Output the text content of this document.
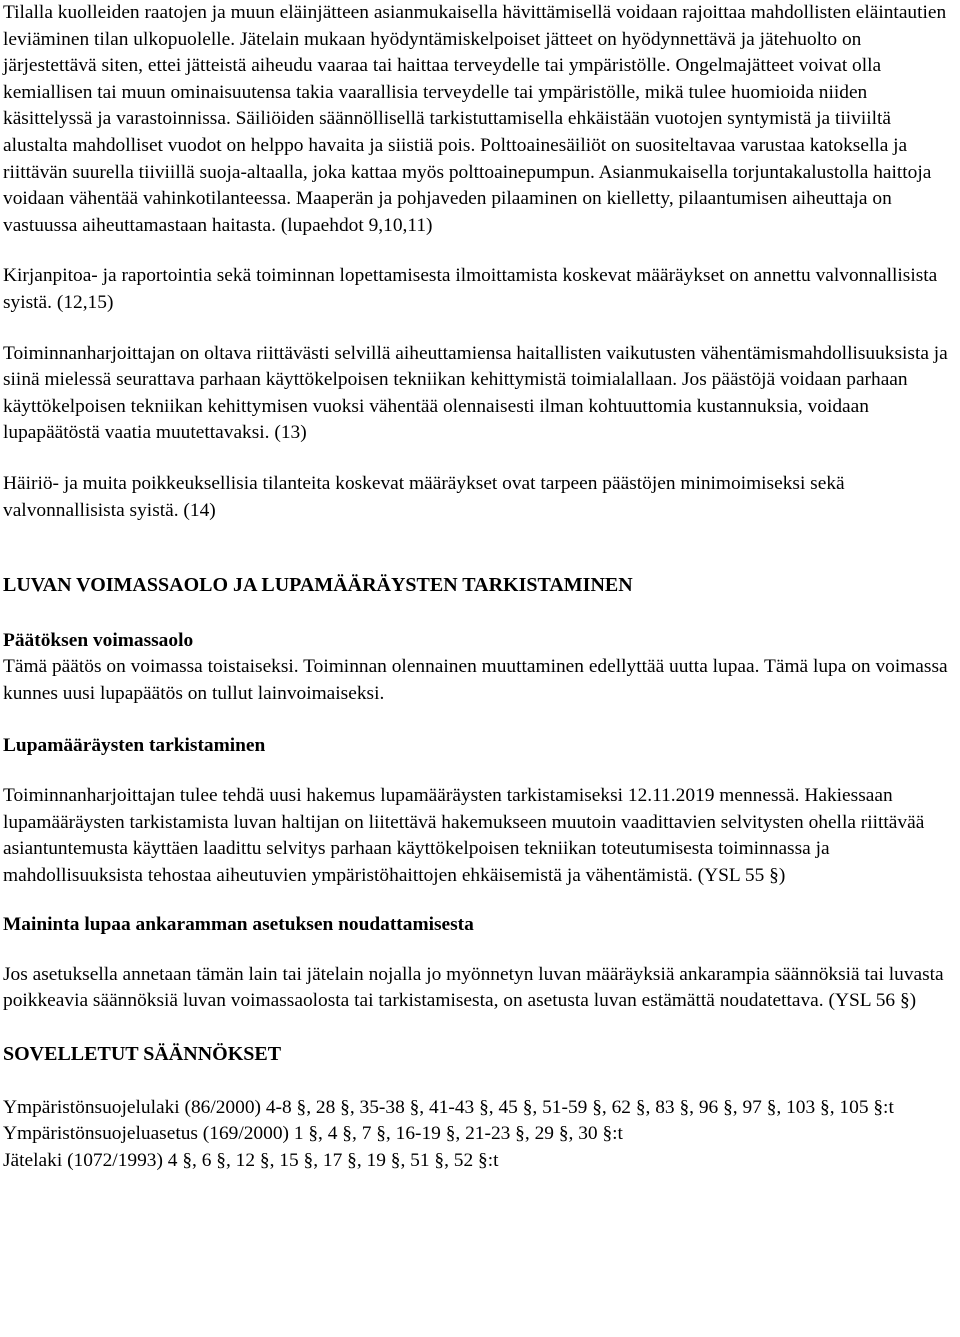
Tilalla kuolleiden raatojen ja muun eläinjätteen asianmukaisella hävittämisellä voidaan rajoittaa mahdollisten eläintautien leviäminen tilan ulkopuolelle. Jätelain mukaan hyödyntämiskelpoiset jätteet on hyödynnettävä ja jätehuolto on järjestettävä siten, ettei jätteistä aiheudu vaaraa tai haittaa terveydelle tai ympäristölle. Ongelmajätteet voivat olla kemiallisen tai muun ominaisuutensa takia vaarallisia terveydelle tai ympäristölle, mikä tulee huomioida niiden käsittelyssä ja varastoinnissa. Säiliöiden säännöllisellä tarkistuttamisella ehkäistään vuotojen syntymistä ja tiiviiltä alustalta mahdolliset vuodot on helppo havaita ja siistiä pois. Polttoainesäiliöt on suositeltavaa varustaa katoksella ja riittävän suurella tiiviillä suoja-altaalla, joka kattaa myös polttoainepumpun. Asianmukaisella torjuntakalustolla haittoja voidaan vähentää vahinkotilanteessa. Maaperän ja pohjaveden pilaaminen on kielletty, pilaantumisen aiheuttaja on vastuussa aiheuttamastaan haitasta. (lupaehdot 9,10,11)

Kirjanpitoa- ja raportointia sekä toiminnan lopettamisesta ilmoittamista koskevat määräykset on annettu valvonnallisista syistä. (12,15)

Toiminnanharjoittajan on oltava riittävästi selvillä aiheuttamiensa haitallisten vaikutusten vähentämismahdollisuuksista ja siinä mielessä seurattava parhaan käyttökelpoisen tekniikan kehittymistä toimialallaan. Jos päästöjä voidaan parhaan käyttökelpoisen tekniikan kehittymisen vuoksi vähentää olennaisesti ilman kohtuuttomia kustannuksia, voidaan lupapäätöstä vaatia muutettavaksi. (13)

Häiriö- ja muita poikkeuksellisia tilanteita koskevat määräykset ovat tarpeen päästöjen minimoimiseksi sekä valvonnallisista syistä. (14)

LUVAN VOIMASSAOLO JA LUPAMÄÄRÄYSTEN TARKISTAMINEN
Päätöksen voimassaolo

Tämä päätös on voimassa toistaiseksi. Toiminnan olennainen muuttaminen edellyttää uutta lupaa. Tämä lupa on voimassa kunnes uusi lupapäätös on tullut lainvoimaiseksi.

Lupamääräysten tarkistaminen

Toiminnanharjoittajan tulee tehdä uusi hakemus lupamääräysten tarkistamiseksi 12.11.2019 mennessä. Hakiessaan lupamääräysten tarkistamista luvan haltijan on liitettävä hakemukseen muutoin vaadittavien selvitysten ohella riittävää asiantuntemusta käyttäen laadittu selvitys parhaan käyttökelpoisen tekniikan toteutumisesta toiminnassa ja mahdollisuuksista tehostaa aiheutuvien ympäristöhaittojen ehkäisemistä ja vähentämistä. (YSL 55 §)

Maininta lupaa ankaramman asetuksen noudattamisesta

Jos asetuksella annetaan tämän lain tai jätelain nojalla jo myönnetyn luvan määräyksiä ankarampia säännöksiä tai luvasta poikkeavia säännöksiä luvan voimassaolosta tai tarkistamisesta, on asetusta luvan estämättä noudatettava. (YSL 56 §)

SOVELLETUT SÄÄNNÖKSET

Ympäristönsuojelulaki (86/2000) 4-8 §, 28 §, 35-38 §, 41-43 §, 45 §, 51-59 §, 62 §, 83 §, 96 §, 97 §, 103 §, 105 §:t

Ympäristönsuojeluasetus (169/2000) 1 §, 4 §, 7 §, 16-19 §, 21-23 §, 29 §, 30 §:t

Jätelaki (1072/1993) 4 §, 6 §, 12 §, 15 §, 17 §, 19 §, 51 §, 52 §:t
